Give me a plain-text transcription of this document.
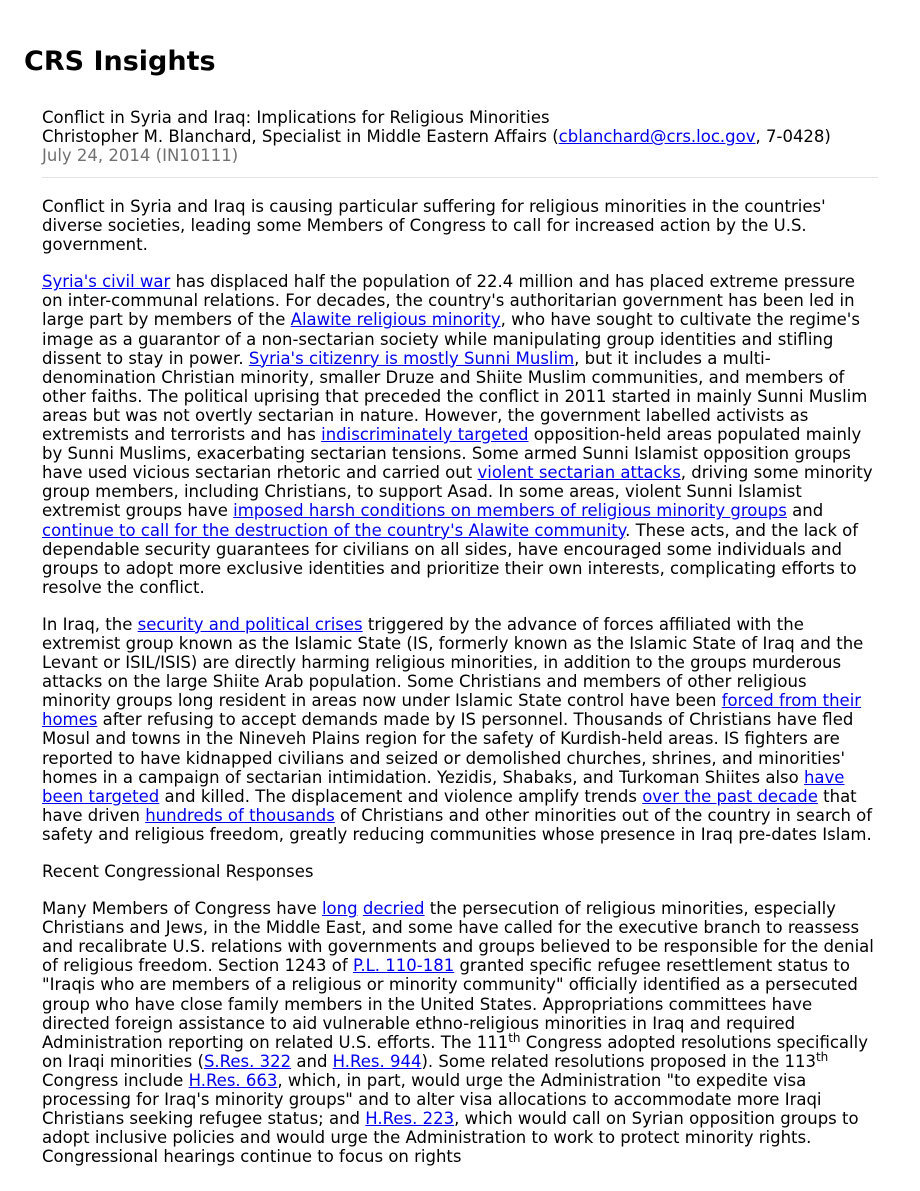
CRS Insights
Conflict in Syria and Iraq: Implications for Religious Minorities
Christopher M. Blanchard, Specialist in Middle Eastern Affairs (cblanchard@crs.loc.gov, 7-0428)
July 24, 2014 (IN10111)

Conflict in Syria and Iraq is causing particular suffering for religious minorities in the countries' diverse societies, leading some Members of Congress to call for increased action by the U.S. government.

Syria's civil war has displaced half the population of 22.4 million and has placed extreme pressure on inter-communal relations. For decades, the country's authoritarian government has been led in large part by members of the Alawite religious minority, who have sought to cultivate the regime's image as a guarantor of a non-sectarian society while manipulating group identities and stifling dissent to stay in power. Syria's citizenry is mostly Sunni Muslim, but it includes a multi-denomination Christian minority, smaller Druze and Shiite Muslim communities, and members of other faiths. The political uprising that preceded the conflict in 2011 started in mainly Sunni Muslim areas but was not overtly sectarian in nature. However, the government labelled activists as extremists and terrorists and has indiscriminately targeted opposition-held areas populated mainly by Sunni Muslims, exacerbating sectarian tensions. Some armed Sunni Islamist opposition groups have used vicious sectarian rhetoric and carried out violent sectarian attacks, driving some minority group members, including Christians, to support Asad. In some areas, violent Sunni Islamist extremist groups have imposed harsh conditions on members of religious minority groups and continue to call for the destruction of the country's Alawite community. These acts, and the lack of dependable security guarantees for civilians on all sides, have encouraged some individuals and groups to adopt more exclusive identities and prioritize their own interests, complicating efforts to resolve the conflict.

In Iraq, the security and political crises triggered by the advance of forces affiliated with the extremist group known as the Islamic State (IS, formerly known as the Islamic State of Iraq and the Levant or ISIL/ISIS) are directly harming religious minorities, in addition to the groups murderous attacks on the large Shiite Arab population. Some Christians and members of other religious minority groups long resident in areas now under Islamic State control have been forced from their homes after refusing to accept demands made by IS personnel. Thousands of Christians have fled Mosul and towns in the Nineveh Plains region for the safety of Kurdish-held areas. IS fighters are reported to have kidnapped civilians and seized or demolished churches, shrines, and minorities' homes in a campaign of sectarian intimidation. Yezidis, Shabaks, and Turkoman Shiites also have been targeted and killed. The displacement and violence amplify trends over the past decade that have driven hundreds of thousands of Christians and other minorities out of the country in search of safety and religious freedom, greatly reducing communities whose presence in Iraq pre-dates Islam.

Recent Congressional Responses

Many Members of Congress have long decried the persecution of religious minorities, especially Christians and Jews, in the Middle East, and some have called for the executive branch to reassess and recalibrate U.S. relations with governments and groups believed to be responsible for the denial of religious freedom. Section 1243 of P.L. 110-181 granted specific refugee resettlement status to "Iraqis who are members of a religious or minority community" officially identified as a persecuted group who have close family members in the United States. Appropriations committees have directed foreign assistance to aid vulnerable ethno-religious minorities in Iraq and required Administration reporting on related U.S. efforts. The 111th Congress adopted resolutions specifically on Iraqi minorities (S.Res. 322 and H.Res. 944). Some related resolutions proposed in the 113th Congress include H.Res. 663, which, in part, would urge the Administration "to expedite visa processing for Iraq's minority groups" and to alter visa allocations to accommodate more Iraqi Christians seeking refugee status; and H.Res. 223, which would call on Syrian opposition groups to adopt inclusive policies and would urge the Administration to work to protect minority rights. Congressional hearings continue to focus on rights
